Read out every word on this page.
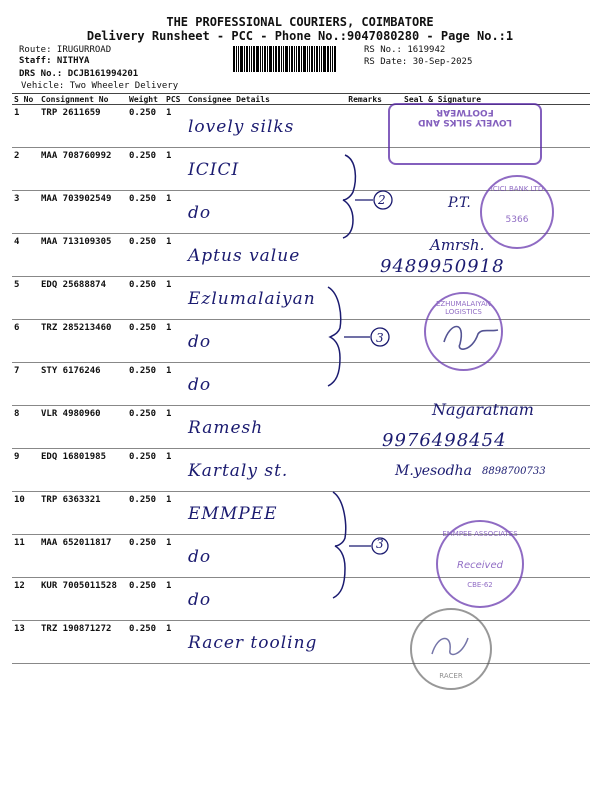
THE PROFESSIONAL COURIERS, COIMBATORE
Delivery Runsheet - PCC - Phone No.:9047080280 - Page No.:1
Route: IRUGURROAD
Staff: NITHYA
DRS No.: DCJB161994201
Vehicle: Two Wheeler Delivery
RS No.: 1619942
RS Date: 30-Sep-2025
S No	Consignment No	Weight	PCS	Consignee Details	Remarks	Seal & Signature
1	TRP 2611659	0.250	1	lovely silks		

2	MAA 708760992	0.250	1	ICICI		

3	MAA 703902549	0.250	1	do		

4	MAA 713109305	0.250	1	Aptus value		

5	EDQ 25688874	0.250	1	Ezlumalaiyan		

6	TRZ 285213460	0.250	1	do		

7	STY 6176246	0.250	1	do		

8	VLR 4980960	0.250	1	Ramesh		

9	EDQ 16801985	0.250	1	Kartaly st.		

10	TRP 6363321	0.250	1	EMMPEE		

11	MAA 652011817	0.250	1	do		

12	KUR 7005011528	0.250	1	do		

13	TRZ 190871272	0.250	1	Racer tooling		

2
3
3
LOVELY SILKS AND FOOTWEAR
ICICI BANK LTD
5366
P.T.
Amrsh.
9489950918
EZHUMALAIYAN LOGISTICS
Nagaratnam
9976498454
M.yesodha 8898700733
EMMPEE ASSOCIATES
Received
CBE-62
RACER
